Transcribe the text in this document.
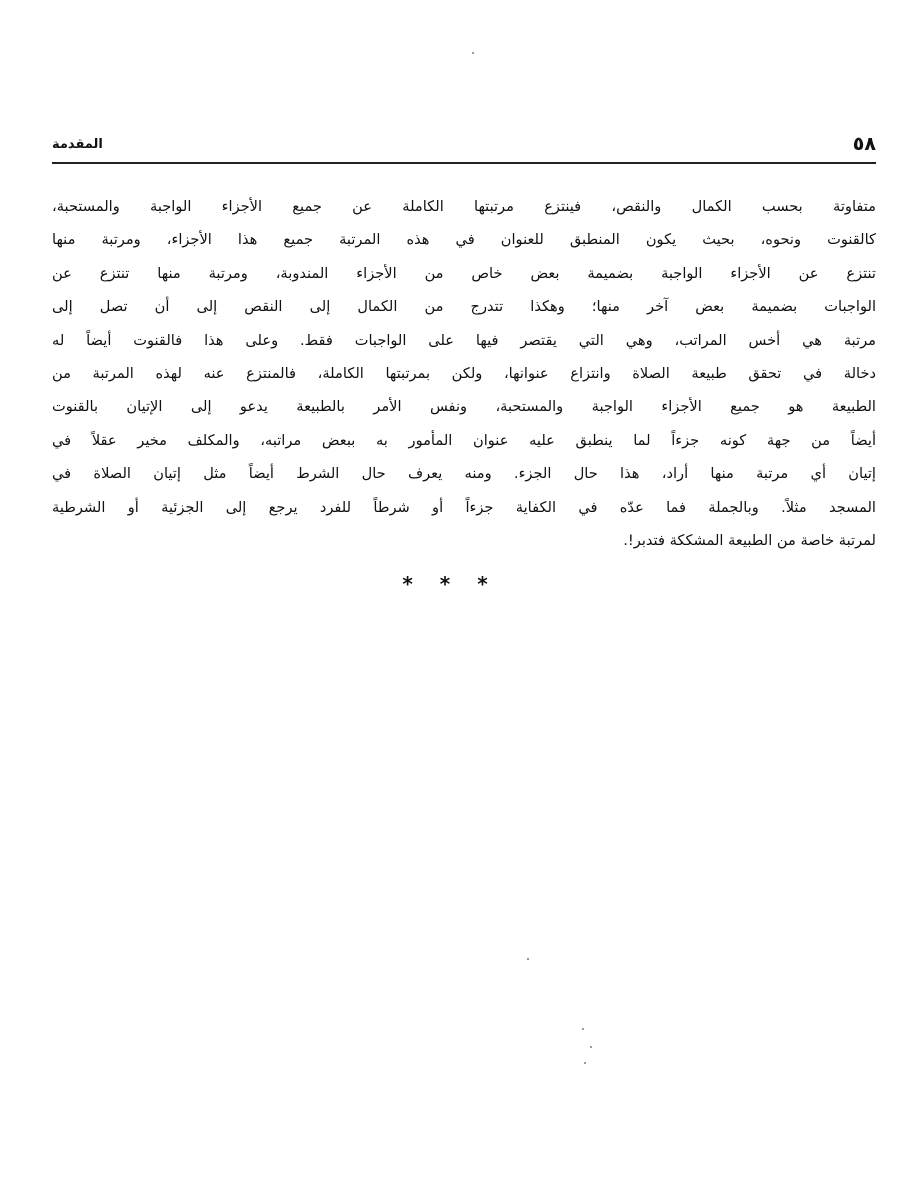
٥٨
المقدمة
متفاوتة بحسب الكمال والنقص، فينتزع مرتبتها الكاملة عن جميع الأجزاء الواجبة والمستحبة،
كالقنوت ونحوه، بحيث يكون المنطبق للعنوان في هذه المرتبة جميع هذا الأجزاء، ومرتبة منها
تنتزع عن الأجزاء الواجبة بضميمة بعض خاص من الأجزاء المندوبة، ومرتبة منها تنتزع عن
الواجبات بضميمة بعض آخر منها؛ وهكذا تتدرج من الكمال إلى النقص إلى أن تصل إلى
مرتبة هي أخس المراتب، وهي التي يقتصر فيها على الواجبات فقط. وعلى هذا فالقنوت أيضاً له
دخالة في تحقق طبيعة الصلاة وانتزاع عنوانها، ولكن بمرتبتها الكاملة، فالمنتزع عنه لهذه المرتبة من
الطبيعة هو جميع الأجزاء الواجبة والمستحبة، ونفس الأمر بالطبيعة يدعو إلى الإتيان بالقنوت
أيضاً من جهة كونه جزءاً لما ينطبق عليه عنوان المأمور به ببعض مراتبه، والمكلف مخير عقلاً في
إتيان أي مرتبة منها أراد، هذا حال الجزء. ومنه يعرف حال الشرط أيضاً مثل إتيان الصلاة في
المسجد مثلاً. وبالجملة فما عدّه في الكفاية جزءاً أو شرطاً للفرد يرجع إلى الجزئية أو الشرطية
لمرتبة خاصة من الطبيعة المشككة فتدبر!.
* * *
